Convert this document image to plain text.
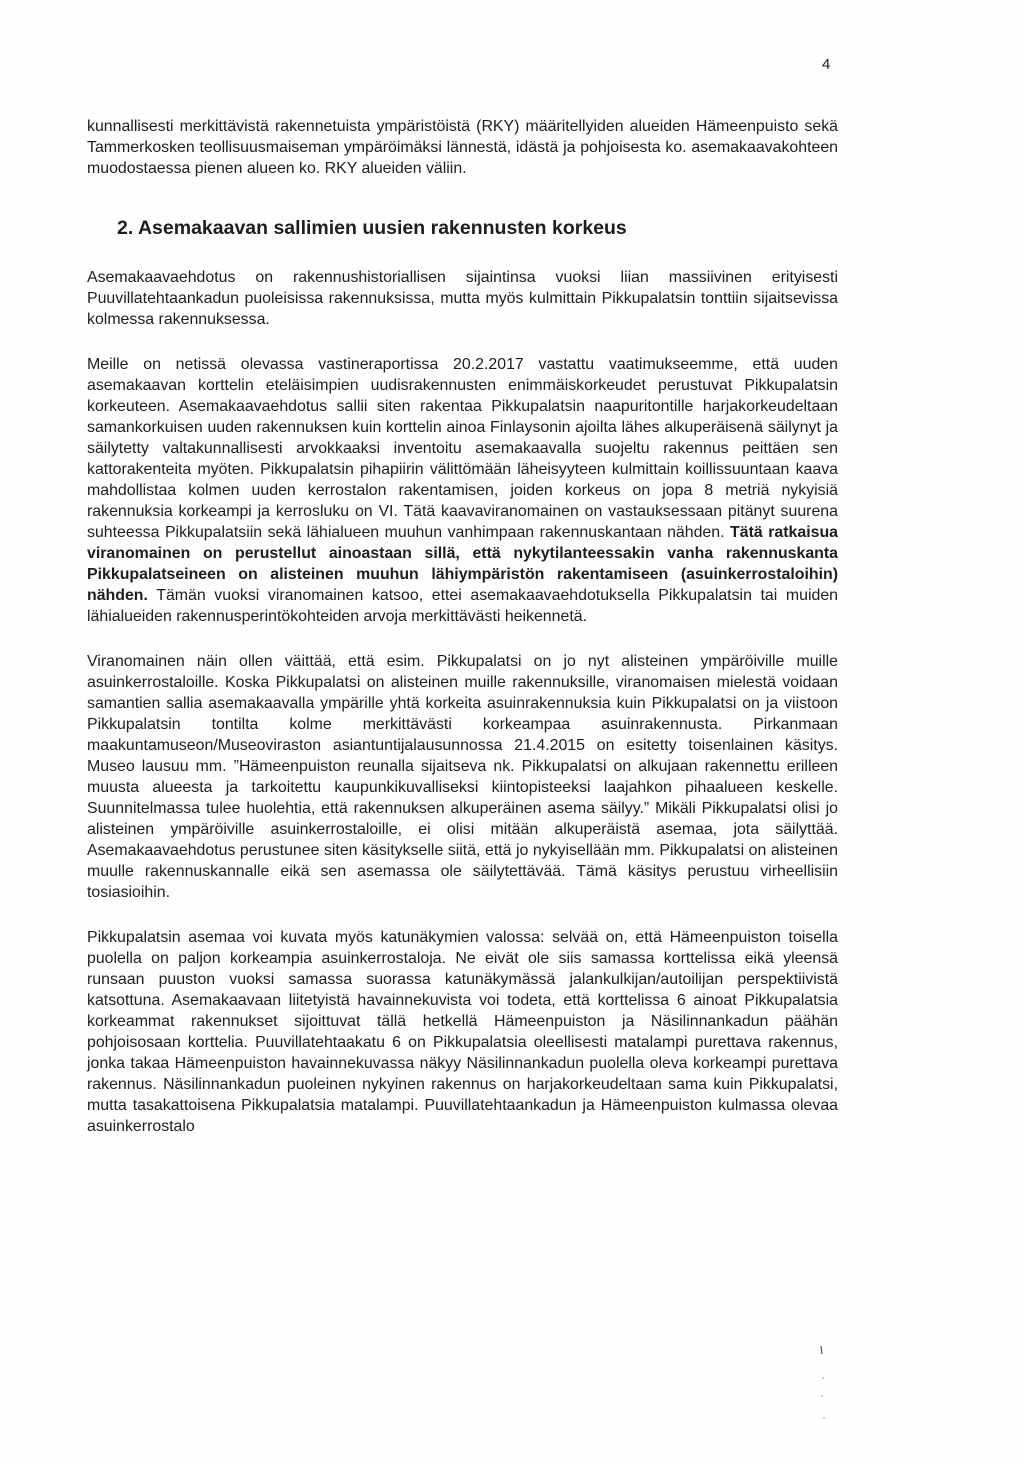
4

kunnallisesti merkittävistä rakennetuista ympäristöistä (RKY) määritellyiden alueiden Hämeenpuisto sekä Tammerkosken teollisuusmaiseman ympäröimäksi lännestä, idästä ja pohjoisesta ko. asemakaavakohteen muodostaessa pienen alueen ko. RKY alueiden väliin.

2. Asemakaavan sallimien uusien rakennusten korkeus

Asemakaavaehdotus on rakennushistoriallisen sijaintinsa vuoksi liian massiivinen erityisesti Puuvillatehtaankadun puoleisissa rakennuksissa, mutta myös kulmittain Pikkupalatsin tonttiin sijaitsevissa kolmessa rakennuksessa.

Meille on netissä olevassa vastineraportissa 20.2.2017 vastattu vaatimukseemme, että uuden asemakaavan korttelin eteläisimpien uudisrakennusten enimmäiskorkeudet perustuvat Pikkupalatsin korkeuteen. Asemakaavaehdotus sallii siten rakentaa Pikkupalatsin naapuritontille harjakorkeudeltaan samankorkuisen uuden rakennuksen kuin korttelin ainoa Finlaysonin ajoilta lähes alkuperäisenä säilynyt ja säilytetty valtakunnallisesti arvokkaaksi inventoitu asemakaavalla suojeltu rakennus peittäen sen kattorakenteita myöten. Pikkupalatsin pihapiirin välittömään läheisyyteen kulmittain koillissuuntaan kaava mahdollistaa kolmen uuden kerrostalon rakentamisen, joiden korkeus on jopa 8 metriä nykyisiä rakennuksia korkeampi ja kerrosluku on VI. Tätä kaavaviranomainen on vastauksessaan pitänyt suurena suhteessa Pikkupalatsiin sekä lähialueen muuhun vanhimpaan rakennuskantaan nähden. Tätä ratkaisua viranomainen on perustellut ainoastaan sillä, että nykytilanteessakin vanha rakennuskanta Pikkupalatseineen on alisteinen muuhun lähiympäristön rakentamiseen (asuinkerrostaloihin) nähden. Tämän vuoksi viranomainen katsoo, ettei asemakaavaehdotuksella Pikkupalatsin tai muiden lähialueiden rakennusperintökohteiden arvoja merkittävästi heikennetä.

Viranomainen näin ollen väittää, että esim. Pikkupalatsi on jo nyt alisteinen ympäröiville muille asuinkerrostaloille. Koska Pikkupalatsi on alisteinen muille rakennuksille, viranomaisen mielestä voidaan samantien sallia asemakaavalla ympärille yhtä korkeita asuinrakennuksia kuin Pikkupalatsi on ja viistoon Pikkupalatsin tontilta kolme merkittävästi korkeampaa asuinrakennusta. Pirkanmaan maakuntamuseon/Museoviraston asiantuntijalausunnossa 21.4.2015 on esitetty toisenlainen käsitys. Museo lausuu mm. ”Hämeenpuiston reunalla sijaitseva nk. Pikkupalatsi on alkujaan rakennettu erilleen muusta alueesta ja tarkoitettu kaupunkikuvalliseksi kiintopisteeksi laajahkon pihaalueen keskelle. Suunnitelmassa tulee huolehtia, että rakennuksen alkuperäinen asema säilyy.” Mikäli Pikkupalatsi olisi jo alisteinen ympäröiville asuinkerrostaloille, ei olisi mitään alkuperäistä asemaa, jota säilyttää. Asemakaavaehdotus perustunee siten käsitykselle siitä, että jo nykyisellään mm. Pikkupalatsi on alisteinen muulle rakennuskannalle eikä sen asemassa ole säilytettävää. Tämä käsitys perustuu virheellisiin tosiasioihin.

Pikkupalatsin asemaa voi kuvata myös katunäkymien valossa: selvää on, että Hämeenpuiston toisella puolella on paljon korkeampia asuinkerrostaloja. Ne eivät ole siis samassa korttelissa eikä yleensä runsaan puuston vuoksi samassa suorassa katunäkymässä jalankulkijan/autoilijan perspektiivistä katsottuna. Asemakaavaan liitetyistä havainnekuvista voi todeta, että korttelissa 6 ainoat Pikkupalatsia korkeammat rakennukset sijoittuvat tällä hetkellä Hämeenpuiston ja Näsilinnankadun päähän pohjoisosaan korttelia. Puuvillatehtaakatu 6 on Pikkupalatsia oleellisesti matalampi purettava rakennus, jonka takaa Hämeenpuiston havainnekuvassa näkyy Näsilinnankadun puolella oleva korkeampi purettava rakennus. Näsilinnankadun puoleinen nykyinen rakennus on harjakorkeudeltaan sama kuin Pikkupalatsi, mutta tasakattoisena Pikkupalatsia matalampi. Puuvillatehtaankadun ja Hämeenpuiston kulmassa olevaa asuinkerrostalo
